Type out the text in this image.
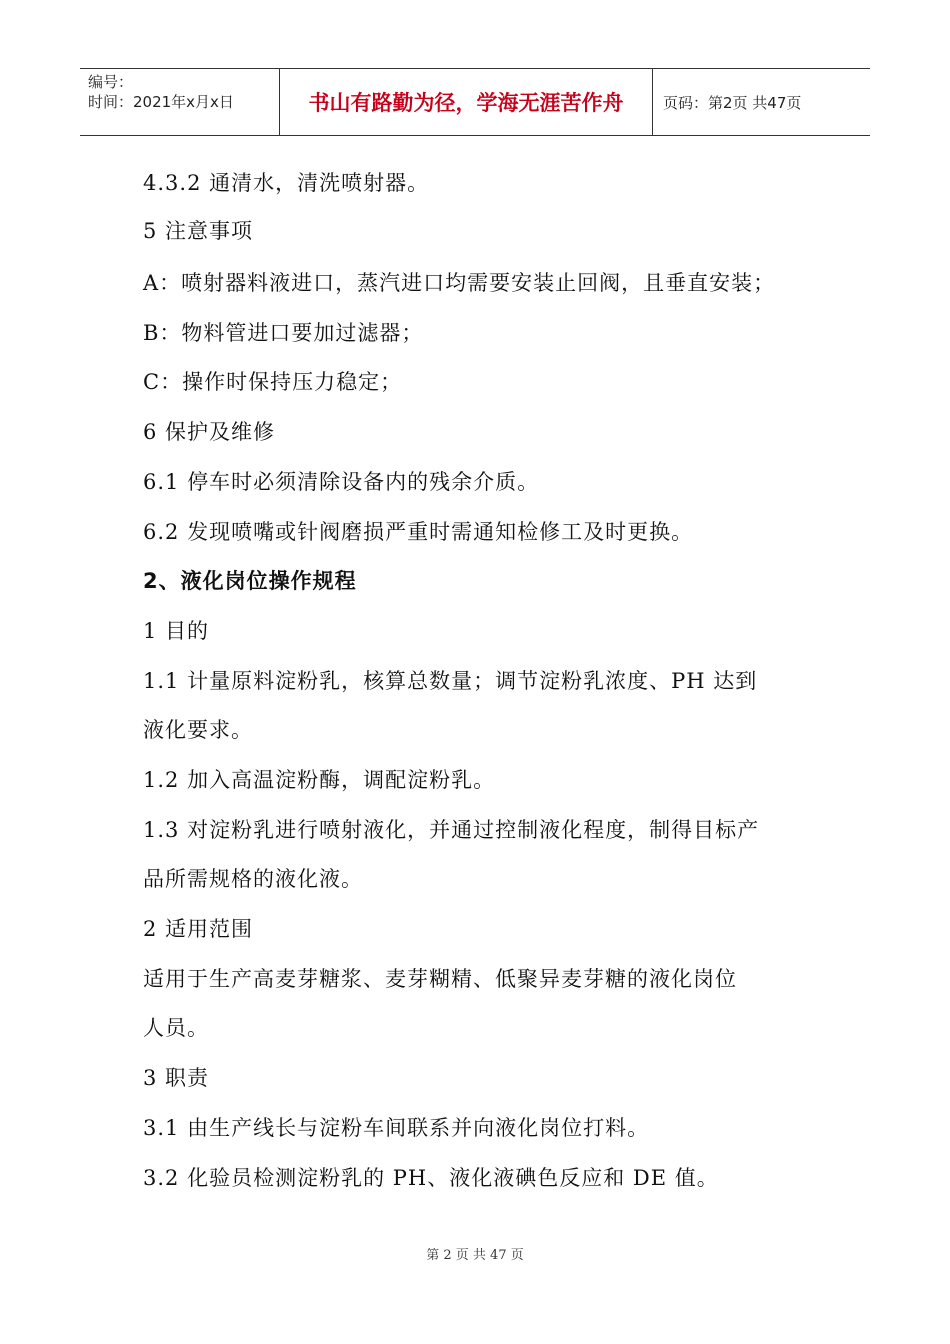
编号：
时间：2021年x月x日	书山有路勤为径，学海无涯苦作舟	页码：第2页 共47页
4.3.2 通清水，清洗喷射器。
5 注意事项
A：喷射器料液进口，蒸汽进口均需要安装止回阀，且垂直安装；
B：物料管进口要加过滤器；
C：操作时保持压力稳定；
6 保护及维修
6.1 停车时必须清除设备内的残余介质。
6.2 发现喷嘴或针阀磨损严重时需通知检修工及时更换。
2、液化岗位操作规程
1 目的
1.1 计量原料淀粉乳，核算总数量；调节淀粉乳浓度、PH 达到
液化要求。
1.2 加入高温淀粉酶，调配淀粉乳。
1.3 对淀粉乳进行喷射液化，并通过控制液化程度，制得目标产
品所需规格的液化液。
2 适用范围
适用于生产高麦芽糖浆、麦芽糊精、低聚异麦芽糖的液化岗位
人员。
3 职责
3.1 由生产线长与淀粉车间联系并向液化岗位打料。
3.2 化验员检测淀粉乳的 PH、液化液碘色反应和 DE 值。
第 2 页 共 47 页
